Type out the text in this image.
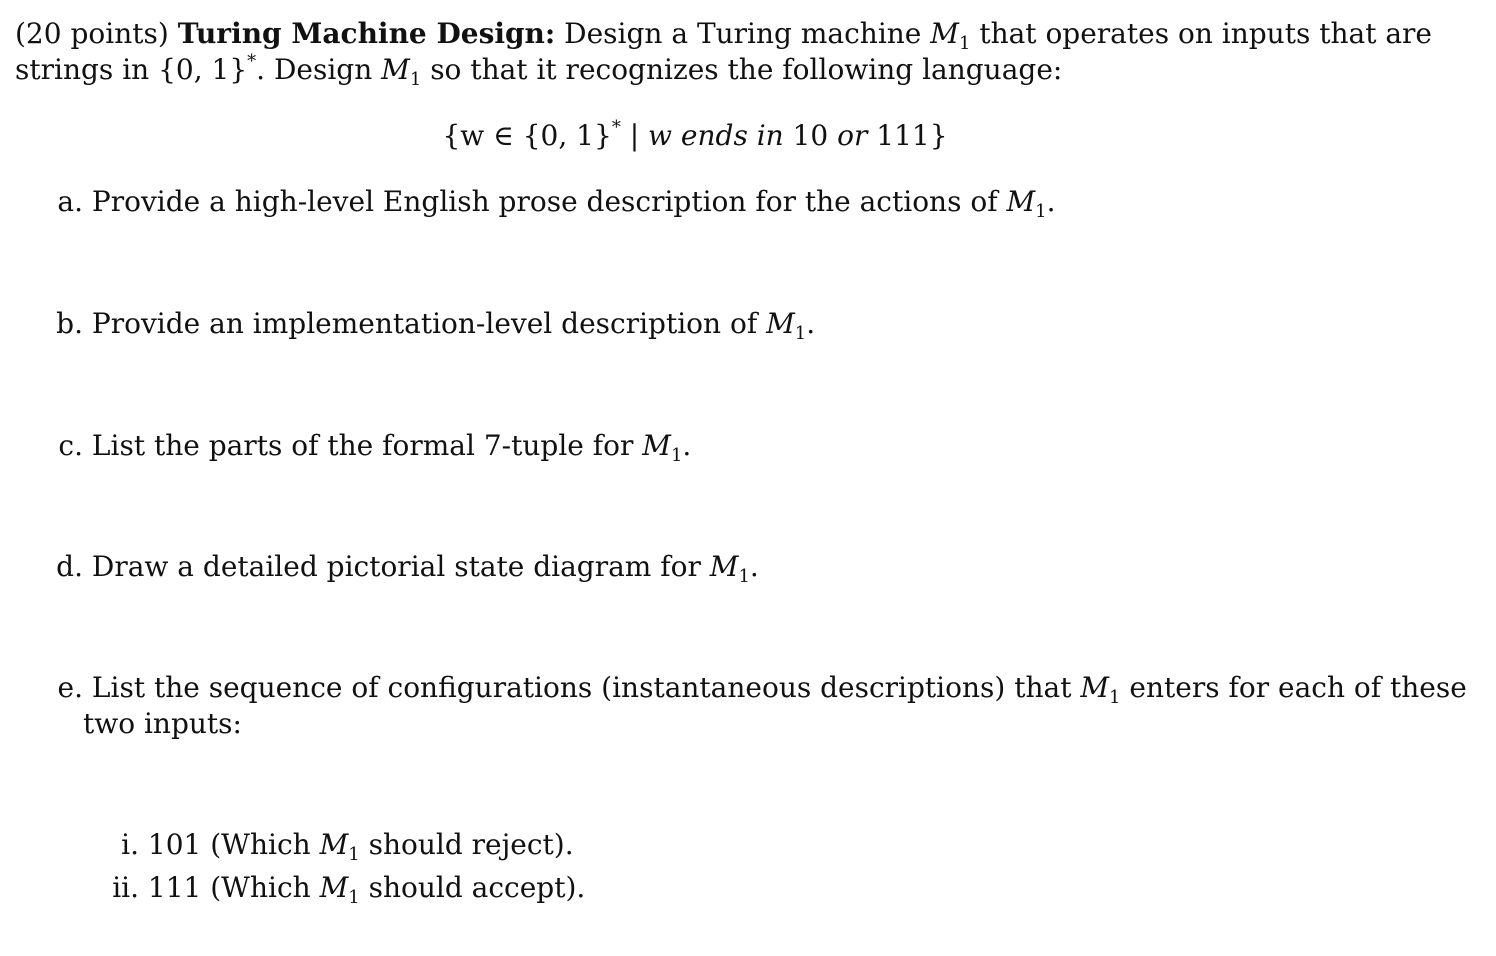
(20 points) Turing Machine Design: Design a Turing machine $M_1$ that operates on inputs that are
strings in {0, 1}*. Design $M_1$ so that it recognizes the following language:
{w ∈ {0, 1}* | w ends in 10 or 111}
a. Provide a high-level English prose description for the actions of $M_1$.
b. Provide an implementation-level description of $M_1$.
c. List the parts of the formal 7-tuple for $M_1$.
d. Draw a detailed pictorial state diagram for $M_1$.
e. List the sequence of configurations (instantaneous descriptions) that $M_1$ enters for each of these
two inputs:
i. 101 (Which $M_1$ should reject).
ii. 111 (Which $M_1$ should accept).
